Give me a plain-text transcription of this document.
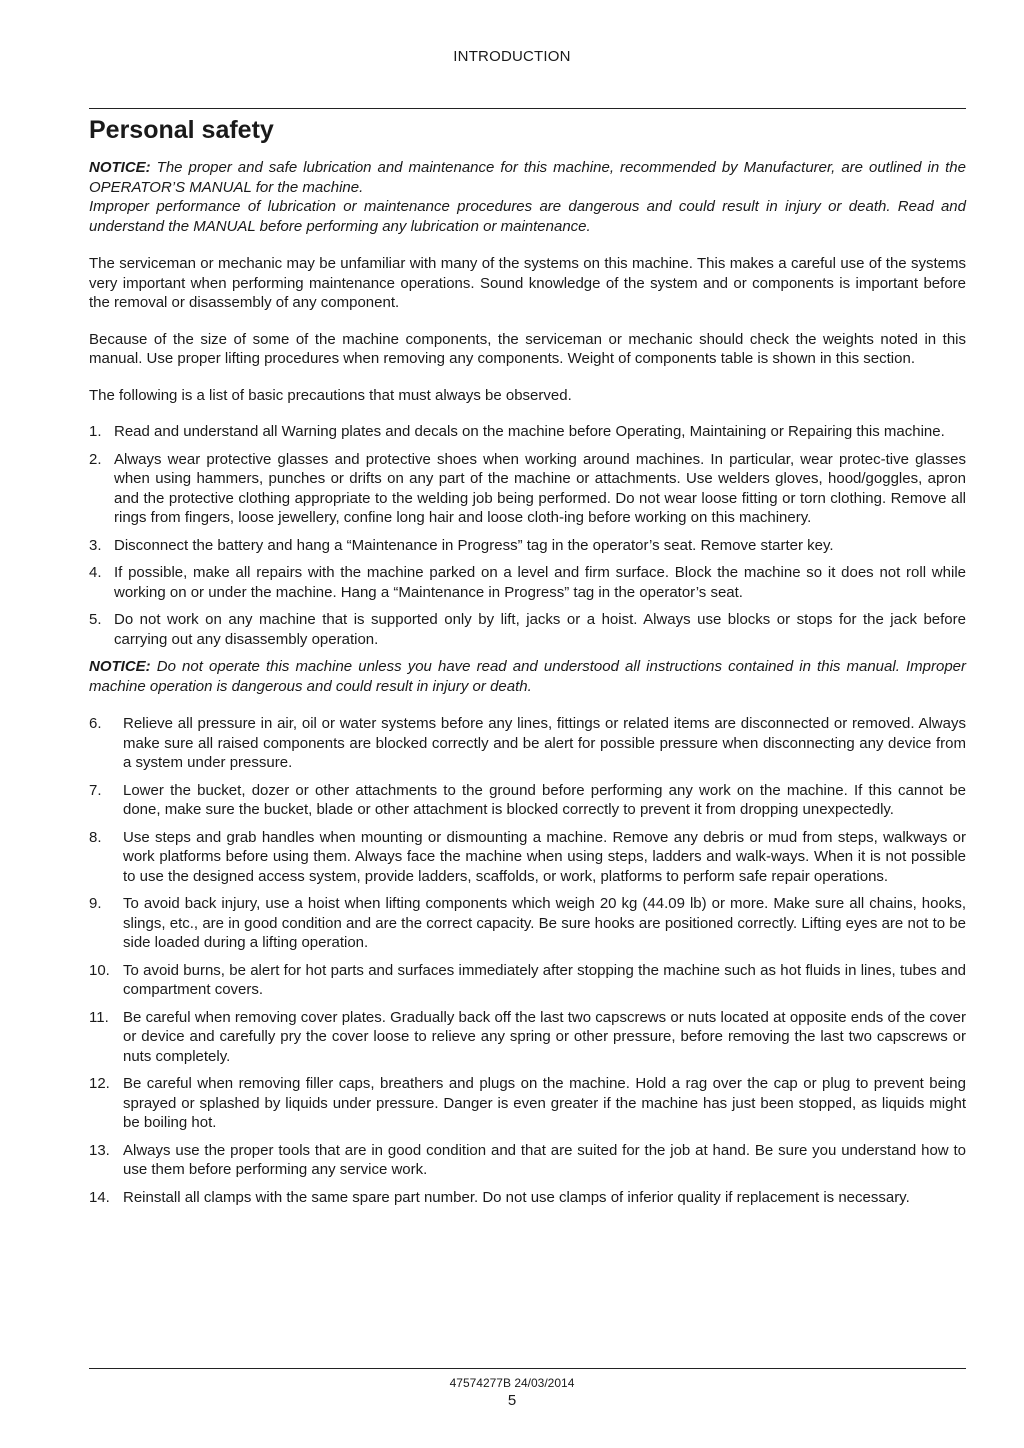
INTRODUCTION
Personal safety

NOTICE: The proper and safe lubrication and maintenance for this machine, recommended by Manufacturer, are outlined in the OPERATOR’S MANUAL for the machine.

Improper performance of lubrication or maintenance procedures are dangerous and could result in injury or death. Read and understand the MANUAL before performing any lubrication or maintenance.

The serviceman or mechanic may be unfamiliar with many of the systems on this machine. This makes a careful use of the systems very important when performing maintenance operations. Sound knowledge of the system and or components is important before the removal or disassembly of any component.

Because of the size of some of the machine components, the serviceman or mechanic should check the weights noted in this manual. Use proper lifting procedures when removing any components. Weight of components table is shown in this section.

The following is a list of basic precautions that must always be observed.

1. Read and understand all Warning plates and decals on the machine before Operating, Maintaining or Repairing this machine.
2. Always wear protective glasses and protective shoes when working around machines. In particular, wear protec-tive glasses when using hammers, punches or drifts on any part of the machine or attachments. Use welders gloves, hood/goggles, apron and the protective clothing appropriate to the welding job being performed. Do not wear loose fitting or torn clothing. Remove all rings from fingers, loose jewellery, confine long hair and loose cloth-ing before working on this machinery.
3. Disconnect the battery and hang a “Maintenance in Progress” tag in the operator’s seat. Remove starter key.
4. If possible, make all repairs with the machine parked on a level and firm surface. Block the machine so it does not roll while working on or under the machine. Hang a “Maintenance in Progress” tag in the operator’s seat.
5. Do not work on any machine that is supported only by lift, jacks or a hoist. Always use blocks or stops for the jack before carrying out any disassembly operation.

NOTICE: Do not operate this machine unless you have read and understood all instructions contained in this manual. Improper machine operation is dangerous and could result in injury or death.

6.	Relieve all pressure in air, oil or water systems before any lines, fittings or related items are disconnected or removed. Always make sure all raised components are blocked correctly and be alert for possible pressure when disconnecting any device from a system under pressure.
7.	Lower the bucket, dozer or other attachments to the ground before performing any work on the machine. If this cannot be done, make sure the bucket, blade or other attachment is blocked correctly to prevent it from dropping unexpectedly.
8.	Use steps and grab handles when mounting or dismounting a machine. Remove any debris or mud from steps, walkways or work platforms before using them. Always face the machine when using steps, ladders and walk-ways. When it is not possible to use the designed access system, provide ladders, scaffolds, or work, platforms to perform safe repair operations.
9.	To avoid back injury, use a hoist when lifting components which weigh 20 kg (44.09 lb) or more. Make sure all chains, hooks, slings, etc., are in good condition and are the correct capacity. Be sure hooks are positioned correctly. Lifting eyes are not to be side loaded during a lifting operation.
10. To avoid burns, be alert for hot parts and surfaces immediately after stopping the machine such as hot fluids in lines, tubes and compartment covers.
11. Be careful when removing cover plates. Gradually back off the last two capscrews or nuts located at opposite ends of the cover or device and carefully pry the cover loose to relieve any spring or other pressure, before removing the last two capscrews or nuts completely.
12. Be careful when removing filler caps, breathers and plugs on the machine. Hold a rag over the cap or plug to prevent being sprayed or splashed by liquids under pressure. Danger is even greater if the machine has just been stopped, as liquids might be boiling hot.
13. Always use the proper tools that are in good condition and that are suited for the job at hand. Be sure you understand how to use them before performing any service work.
14. Reinstall all clamps with the same spare part number. Do not use clamps of inferior quality if replacement is necessary.
47574277B 24/03/2014
5
